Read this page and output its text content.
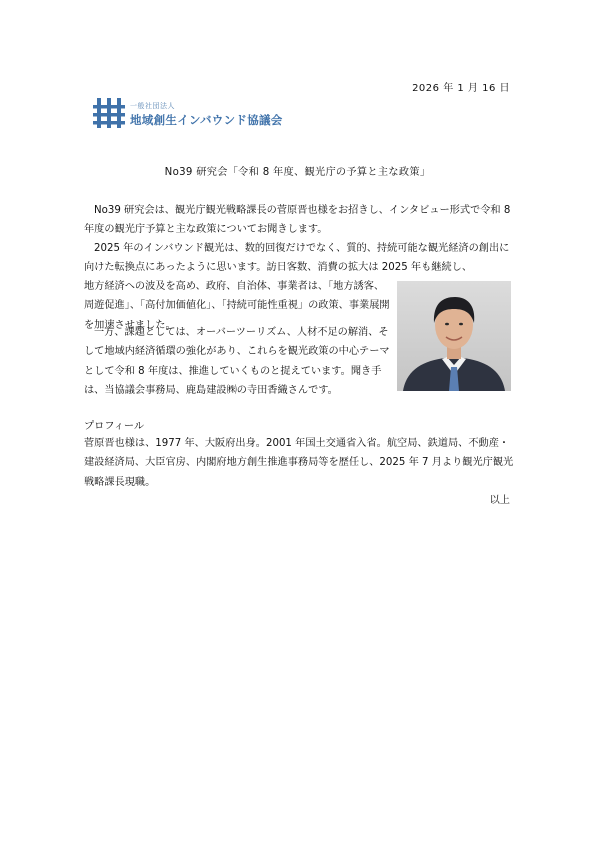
2026 年 1 月 16 日
一般社団法人
地域創生インバウンド協議会
No39 研究会「令和 8 年度、観光庁の予算と主な政策」

No39 研究会は、観光庁観光戦略課長の菅原晋也様をお招きし、インタビュー形式で令和 8 年度の観光庁予算と主な政策についてお聞きします。

2025 年のインバウンド観光は、数的回復だけでなく、質的、持続可能な観光経済の創出に向けた転換点にあったように思います。訪日客数、消費の拡大は 2025 年も継続し、

地方経済への波及を高め、政府、自治体、事業者は、「地方誘客、周遊促進」、「高付加価値化」、「持続可能性重視」の政策、事業展開を加速させました。

一方、課題としては、オーバーツーリズム、人材不足の解消、そして地域内経済循環の強化があり、これらを観光政策の中心テーマとして令和 8 年度は、推進していくものと捉えています。聞き手は、当協議会事務局、鹿島建設㈱の寺田香織さんです。

プロフィール

菅原晋也様は、1977 年、大阪府出身。2001 年国土交通省入省。航空局、鉄道局、不動産・建設経済局、大臣官房、内閣府地方創生推進事務局等を歴任し、2025 年 7 月より観光庁観光戦略課長現職。

以上
